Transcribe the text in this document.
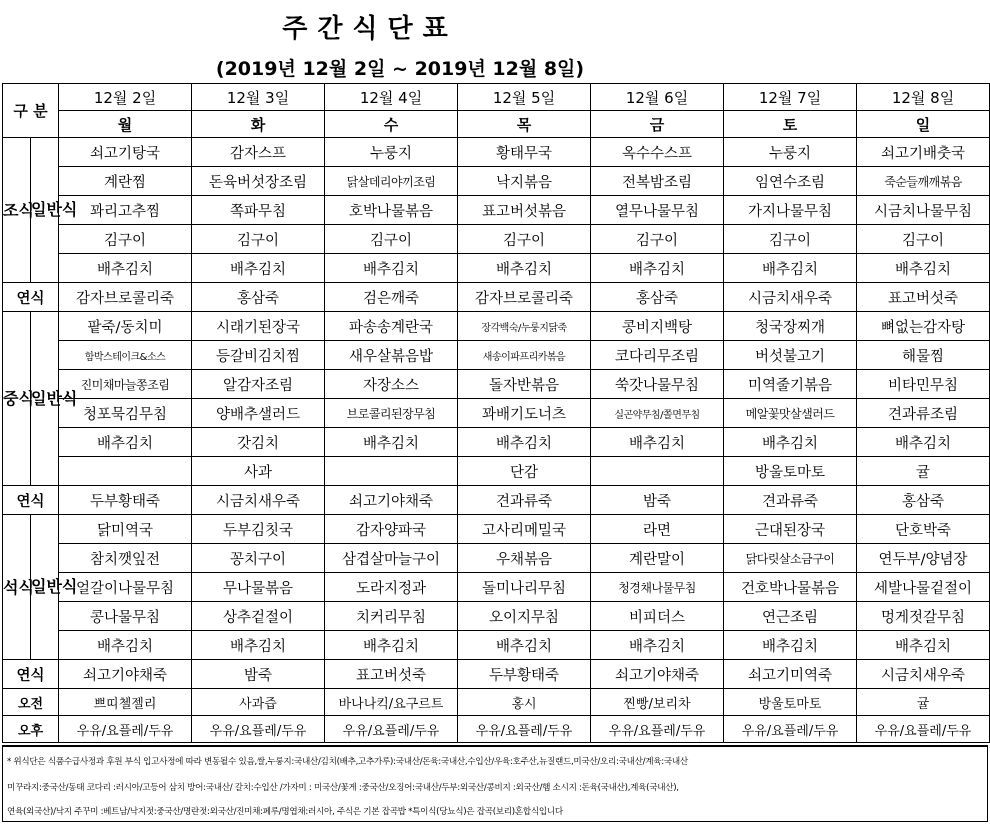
주간식단표
(2019년 12월 2일 ~ 2019년 12월 8일)
구 분		12월 2일	12월 3일	12월 4일	12월 5일	12월 6일	12월 7일	12월 8일
		월	화	수	목	금	토	일
조식	일반식	쇠고기탕국	감자스프	누룽지	황태무국	옥수수스프	누룽지	쇠고기배춧국
		계란찜	돈육버섯장조림	닭살데리야끼조림	낙지볶음	전복밤조림	임연수조림	죽순들깨깨볶음
		꽈리고추찜	쪽파무침	호박나물볶음	표고버섯볶음	열무나물무침	가지나물무침	시금치나물무침
		김구이	김구이	김구이	김구이	김구이	김구이	김구이
		배추김치	배추김치	배추김치	배추김치	배추김치	배추김치	배추김치
연식		감자브로콜리죽	홍삼죽	검은깨죽	감자브로콜리죽	홍삼죽	시금치새우죽	표고버섯죽
중식	일반식	팥죽/동치미	시래기된장국	파송송계란국	장각백숙/누룽지닭죽	콩비지백탕	청국장찌개	뼈없는감자탕
		함박스테이크&소스	등갈비김치찜	새우살볶음밥	새송이파프리카볶음	코다리무조림	버섯불고기	해물찜
		진미채마늘쫑조림	알감자조림	자장소스	돌자반볶음	쑥갓나물무침	미역줄기볶음	비타민무침
		청포묵김무침	양배추샐러드	브로콜리된장무침	꽈배기도너츠	실곤약무침/쫄면무침	메알꽃맛살샐러드	견과류조림
		배추김치	갓김치	배추김치	배추김치	배추김치	배추김치	배추김치
			사과		단감		방울토마토	귤
연식		두부황태죽	시금치새우죽	쇠고기야채죽	견과류죽	밤죽	견과류죽	홍삼죽
석식	일반식	닭미역국	두부김칫국	감자양파국	고사리메밀국	라면	근대된장국	단호박죽
		참치깻잎전	꽁치구이	삼겹살마늘구이	우채볶음	계란말이	닭다릿살소금구이	연두부/양념장
		얼갈이나물무침	무나물볶음	도라지정과	돌미나리무침	청경채나물무침	건호박나물볶음	세발나물겉절이
		콩나물무침	상추겉절이	치커리무침	오이지무침	비피더스	연근조림	멍게젓갈무침
		배추김치	배추김치	배추김치	배추김치	배추김치	배추김치	배추김치
연식		쇠고기야채죽	밤죽	표고버섯죽	두부황태죽	쇠고기야채죽	쇠고기미역죽	시금치새우죽
오전		쁘띠첼젤리	사과즙	바나나킥/요구르트	홍시	찐빵/보리차	방울토마토	귤
오후		우유/요플레/두유	우유/요플레/두유	우유/요플레/두유	우유/요플레/두유	우유/요플레/두유	우유/요플레/두유	우유/요플레/두유
* 위식단은 식품수급사정과 후원 부식 입고사정에 따라 변동될수 있음,쌀,누룽지:국내산/김치(배추,고추가루):국내산/돈육:국내산,수입산/우육:호주산,뉴질랜드,미국산/오리:국내산/계육:국내산
미꾸라지:중국산/동태 코다리 :러시아/고등어 삼치 방어:국내산/ 갈치:수입산 /가자미 : 미국산/꽃게 :중국산/오징어:국내산/두부:외국산/콩비지 :외국산/햄 소시지 :돈육(국내산),계육(국내산),
연육(외국산)/낙지 주꾸미 :베트남/낙지젓:중국산/명란젓:외국산/진미채:페루/명엽채:러시아, 주식은 기본 잡곡밥 *특이식(당뇨식)은 잡곡(보리)혼합식입니다
